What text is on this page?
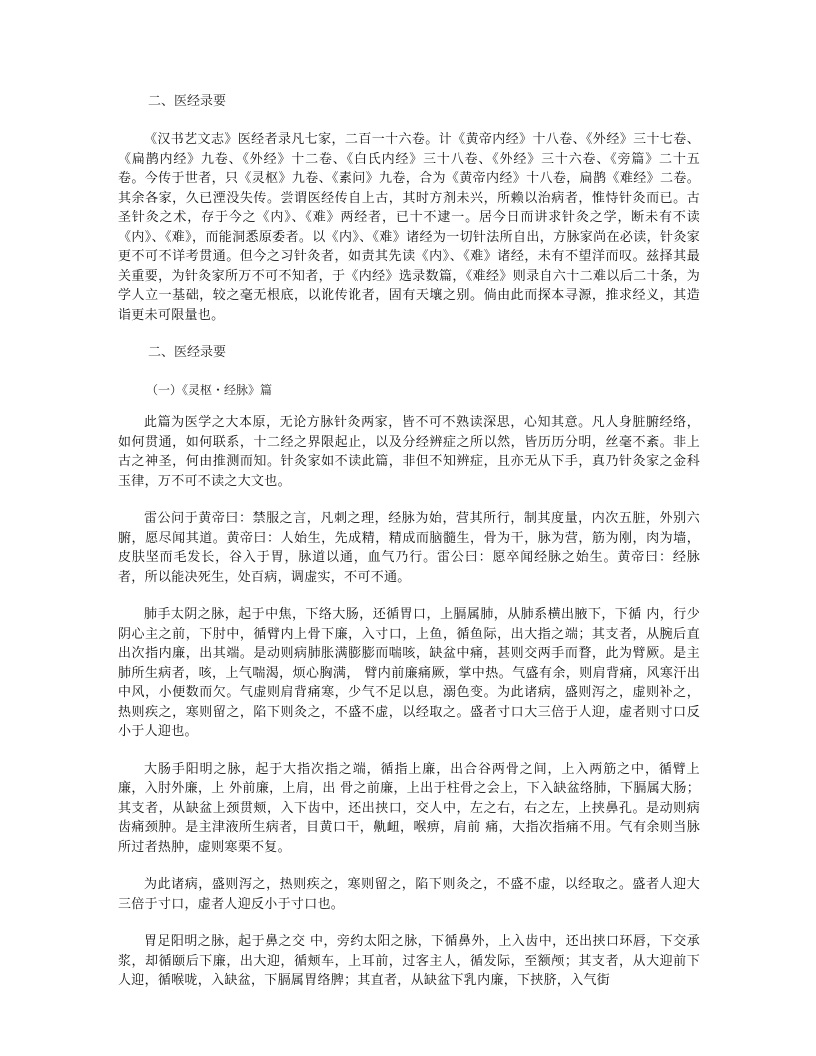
二、医经录要

《汉书艺文志》医经者录凡七家，二百一十六卷。计《黄帝内经》十八卷、《外经》三十七卷、《扁鹊内经》九卷、《外经》十二卷、《白氏内经》三十八卷、《外经》三十六卷、《旁篇》二十五卷。今传于世者，只《灵枢》九卷、《素问》九卷，合为《黄帝内经》十八卷，扁鹊《难经》二卷。其余各家，久已湮没失传。尝谓医经传自上古，其时方剂未兴，所赖以治病者，惟恃针灸而已。古圣针灸之术，存于今之《内》、《难》两经者，已十不逮一。居今日而讲求针灸之学，断未有不读《内》、《难》，而能洞悉原委者。以《内》、《难》诸经为一切针法所自出，方脉家尚在必读，针灸家更不可不详考贯通。但今之习针灸者，如责其先读《内》、《难》诸经，未有不望洋而叹。兹择其最关重要，为针灸家所万不可不知者，于《内经》选录数篇，《难经》则录自六十二难以后二十条，为学人立一基础，较之毫无根底，以讹传讹者，固有天壤之别。倘由此而探本寻源，推求经义，其造诣更未可限量也。

二、医经录要
（一）《灵枢・经脉》篇

此篇为医学之大本原，无论方脉针灸两家，皆不可不熟读深思，心知其意。凡人身脏腑经络，如何贯通，如何联系，十二经之界限起止，以及分经辨症之所以然，皆历历分明，丝毫不紊。非上古之神圣，何由推测而知。针灸家如不读此篇，非但不知辨症，且亦无从下手，真乃针灸家之金科玉律，万不可不读之大文也。

雷公问于黄帝曰：禁服之言，凡刺之理，经脉为始，营其所行，制其度量，内次五脏，外别六腑，愿尽闻其道。黄帝曰：人始生，先成精，精成而脑髓生，骨为干，脉为营，筋为刚，肉为墙，皮肤坚而毛发长，谷入于胃，脉道以通，血气乃行。雷公曰：愿卒闻经脉之始生。黄帝曰：经脉者，所以能决死生，处百病，调虚实，不可不通。

肺手太阴之脉，起于中焦，下络大肠，还循胃口，上膈属肺，从肺系横出腋下，下循 内，行少阴心主之前，下肘中，循臂内上骨下廉，入寸口，上鱼，循鱼际，出大指之端；其支者，从腕后直出次指内廉，出其端。是动则病肺胀满膨膨而喘咳，缺盆中痛，甚则交两手而瞀，此为臂厥。是主肺所生病者，咳，上气喘渴，烦心胸满， 臂内前廉痛厥，掌中热。气盛有余，则肩背痛，风寒汗出中风，小便数而欠。气虚则肩背痛寒，少气不足以息，溺色变。为此诸病，盛则泻之，虚则补之，热则疾之，寒则留之，陷下则灸之，不盛不虚，以经取之。盛者寸口大三倍于人迎，虚者则寸口反小于人迎也。

大肠手阳明之脉，起于大指次指之端，循指上廉，出合谷两骨之间，上入两筋之中，循臂上廉，入肘外廉，上 外前廉，上肩，出 骨之前廉，上出于柱骨之会上，下入缺盆络肺，下膈属大肠；其支者，从缺盆上颈贯颊，入下齿中，还出挟口，交人中，左之右，右之左，上挟鼻孔。是动则病齿痛颈肿。是主津液所生病者，目黄口干，鼽衄，喉痹，肩前 痛，大指次指痛不用。气有余则当脉所过者热肿，虚则寒栗不复。

为此诸病，盛则泻之，热则疾之，寒则留之，陷下则灸之，不盛不虚，以经取之。盛者人迎大三倍于寸口，虚者人迎反小于寸口也。

胃足阳明之脉，起于鼻之交 中，旁约太阳之脉，下循鼻外，上入齿中，还出挟口环唇，下交承浆，却循颐后下廉，出大迎，循颊车，上耳前，过客主人，循发际，至额颅；其支者，从大迎前下人迎，循喉咙，入缺盆，下膈属胃络脾；其直者，从缺盆下乳内廉，下挟脐，入气街
